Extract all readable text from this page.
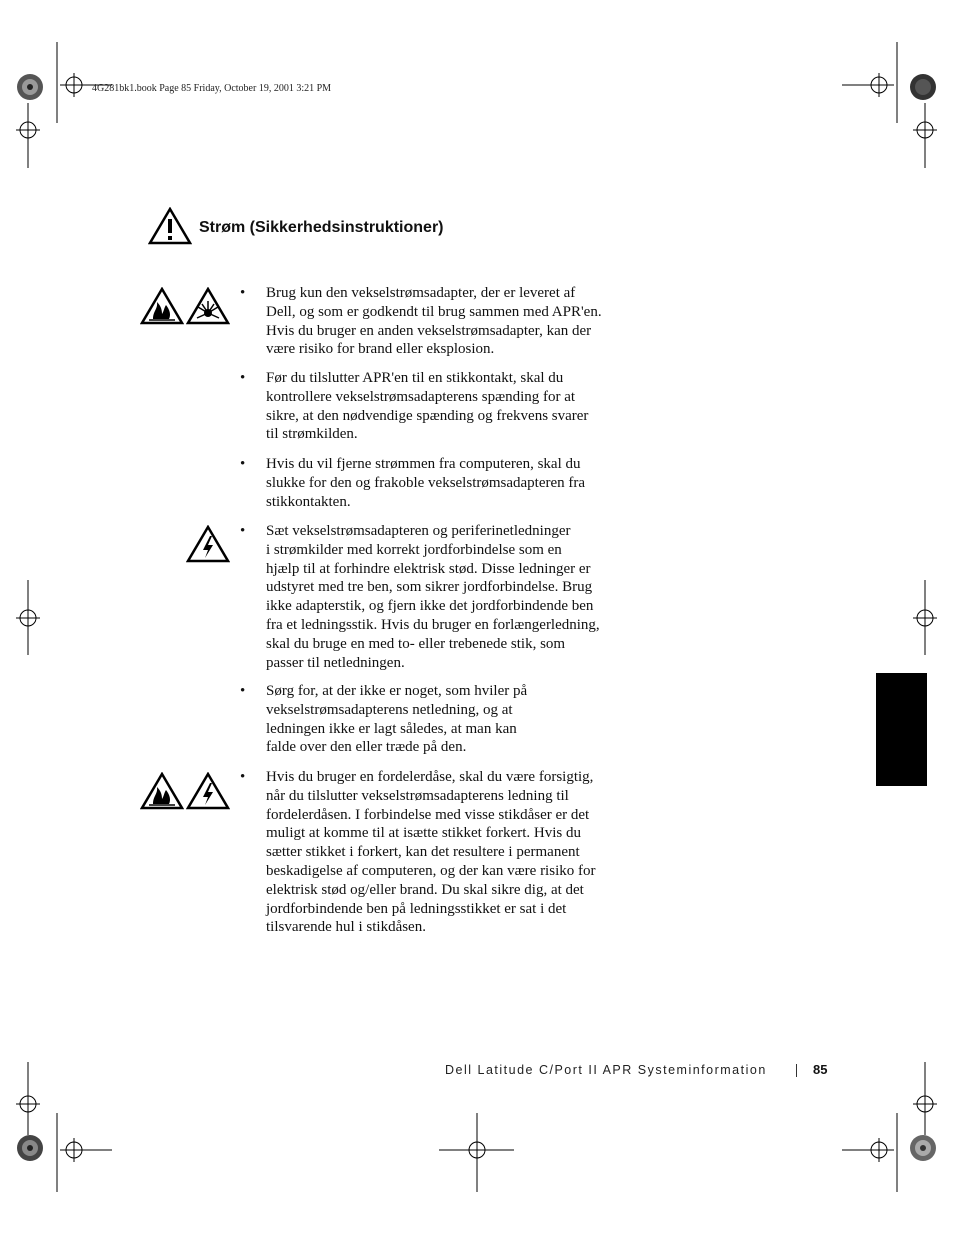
4G281bk1.book Page 85 Friday, October 19, 2001 3:21 PM
Strøm (Sikkerhedsinstruktioner)
•	Brug kun den vekselstrømsadapter, der er leveret af
Dell, og som er godkendt til brug sammen med APR'en.
Hvis du bruger en anden vekselstrømsadapter, kan der
være risiko for brand eller eksplosion.
•	Før du tilslutter APR'en til en stikkontakt, skal du
kontrollere vekselstrømsadapterens spænding for at
sikre, at den nødvendige spænding og frekvens svarer
til strømkilden.
•	Hvis du vil fjerne strømmen fra computeren, skal du
slukke for den og frakoble vekselstrømsadapteren fra
stikkontakten.
•	Sæt vekselstrømsadapteren og periferinetledninger
i strømkilder med korrekt jordforbindelse som en
hjælp til at forhindre elektrisk stød. Disse ledninger er
udstyret med tre ben, som sikrer jordforbindelse. Brug
ikke adapterstik, og fjern ikke det jordforbindende ben
fra et ledningsstik. Hvis du bruger en forlængerledning,
skal du bruge en med to- eller trebenede stik, som
passer til netledningen.
•	Sørg for, at der ikke er noget, som hviler på
vekselstrømsadapterens netledning, og at
ledningen ikke er lagt således, at man kan
falde over den eller træde på den.
•	Hvis du bruger en fordelerdåse, skal du være forsigtig,
når du tilslutter vekselstrømsadapterens ledning til
fordelerdåsen. I forbindelse med visse stikdåser er det
muligt at komme til at isætte stikket forkert. Hvis du
sætter stikket i forkert, kan det resultere i permanent
beskadigelse af computeren, og der kan være risiko for
elektrisk stød og/eller brand. Du skal sikre dig, at det
jordforbindende ben på ledningsstikket er sat i det
tilsvarende hul i stikdåsen.
Dell Latitude C/Port II APR Systeminformation	85
